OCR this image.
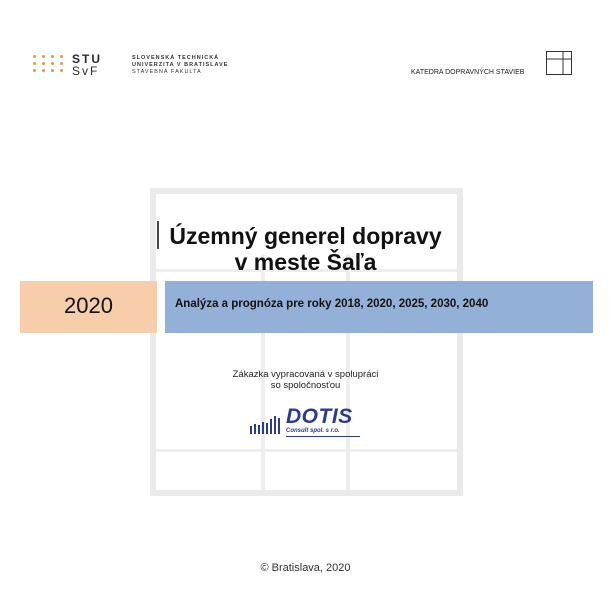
STU
SvF
SLOVENSKÁ TECHNICKÁ
UNIVERZITA V BRATISLAVE
STAVEBNÁ FAKULTA	KATEDRA DOPRAVNÝCH STAVIEB
Územný generel dopravy
v meste Šaľa
2020	Analýza a prognóza pre roky 2018, 2020, 2025, 2030, 2040
Zákazka vypracovaná v spolupráci
so spoločnosťou
DOTIS
Consult spol. s r.o.
© Bratislava, 2020
